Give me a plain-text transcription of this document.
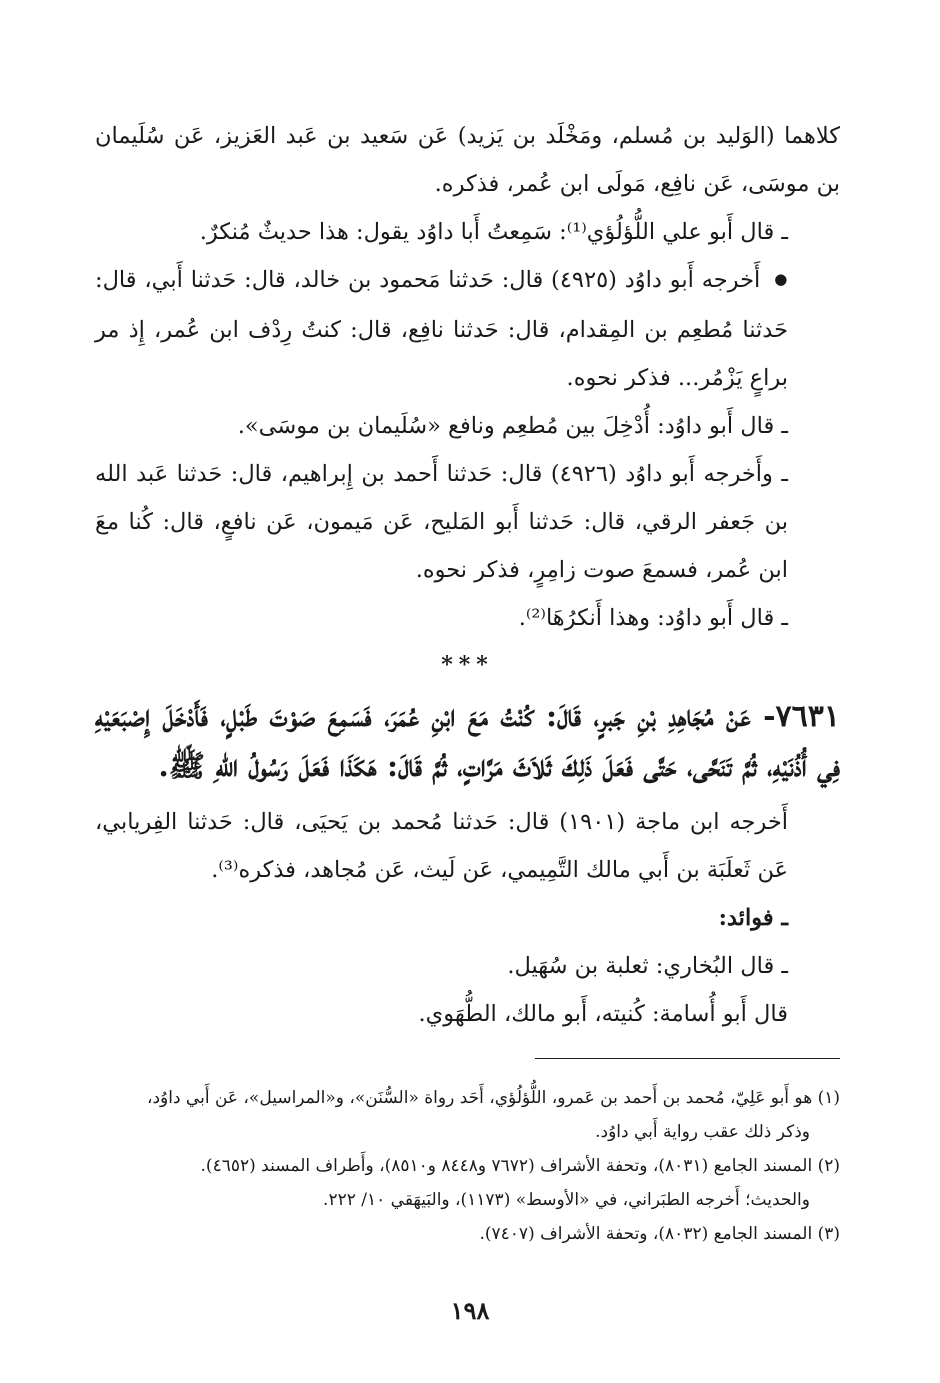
كلاهما (الوَليد بن مُسلم، ومَخْلَد بن يَزيد) عَن سَعيد بن عَبد العَزيز، عَن سُلَيمان بن موسَى، عَن نافِع، مَولَى ابن عُمر، فذكره.

ـ قال أَبو علي اللُّؤلُؤي⁽¹⁾: سَمِعتُ أَبا داوُد يقول: هذا حديثٌ مُنكرٌ.

● أَخرجه أَبو داوُد (٤٩٢٥) قال: حَدثنا مَحمود بن خالد، قال: حَدثنا أَبي، قال: حَدثنا مُطعِم بن المِقدام، قال: حَدثنا نافِع، قال: كنتُ رِدْف ابن عُمر، إِذ مر براعٍ يَزْمُر... فذكر نحوه.

ـ قال أَبو داوُد: أُدْخِلَ بين مُطعِم ونافع «سُلَيمان بن موسَى».

ـ وأَخرجه أَبو داوُد (٤٩٢٦) قال: حَدثنا أَحمد بن إِبراهيم، قال: حَدثنا عَبد الله بن جَعفر الرقي، قال: حَدثنا أَبو المَليح، عَن مَيمون، عَن نافعٍ، قال: كُنا معَ ابن عُمر، فسمعَ صوت زامِرٍ، فذكر نحوه.

ـ قال أَبو داوُد: وهذا أَنكرُهَا⁽²⁾.

***

٧٦٣١- عَنْ مُجَاهِدِ بْنِ جَبرٍ، قَالَ: كُنْتُ مَعَ ابْنِ عُمَرَ، فَسَمِعَ صَوْتَ طَبْلٍ، فَأَدْخَلَ إِصْبَعَيْهِ فِي أُذُنَيْهِ، ثُمَّ تَنَحَّى، حَتَّى فَعَلَ ذَلِكَ ثَلاَثَ مَرَّاتٍ، ثُمَّ قَالَ: هَكَذَا فَعَلَ رَسُولُ اللهِ ﷺ.

أَخرجه ابن ماجة (١٩٠١) قال: حَدثنا مُحمد بن يَحيَى، قال: حَدثنا الفِريابي، عَن ثَعلَبَة بن أَبي مالك التَّمِيمي، عَن لَيث، عَن مُجاهد، فذكره⁽³⁾.

ـ فوائد:

ـ قال البُخاري: ثعلبة بن سُهَيل.

قال أَبو أُسامة: كُنيته، أَبو مالك، الطُّهَوي.

(١) هو أَبو عَلِيّ، مُحمد بن أَحمد بن عَمرو، اللُّؤلُؤي، أَحَد رواة «السُّنَن»، و«المراسيل»، عَن أَبي داوُد،

وذكر ذلك عقب رواية أَبي داوُد.

(٢) المسند الجامع (٨٠٣١)، وتحفة الأشراف (٧٦٧٢ و٨٤٤٨ و٨٥١٠)، وأَطراف المسند (٤٦٥٢).

والحديث؛ أَخرجه الطبَراني، في «الأوسط» (١١٧٣)، والبَيهَقي ١٠/ ٢٢٢.

(٣) المسند الجامع (٨٠٣٢)، وتحفة الأشراف (٧٤٠٧).

١٩٨
